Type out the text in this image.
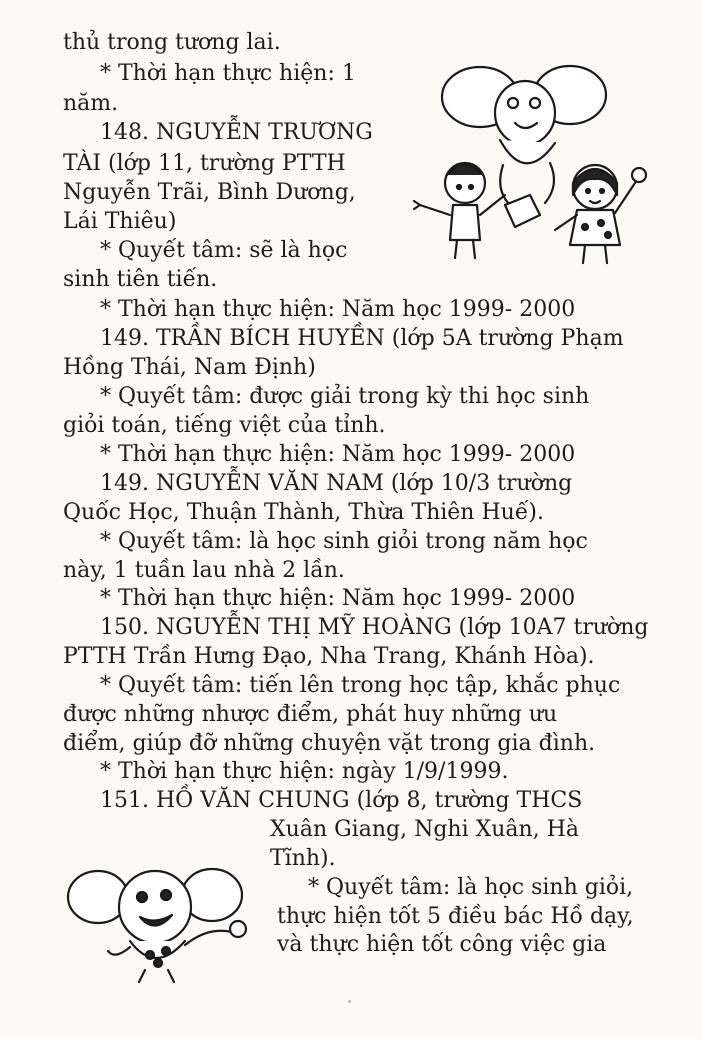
thủ trong tương lai.
* Thời hạn thực hiện: 1
năm.
148. NGUYỄN TRƯƠNG
TÀI (lớp 11, trường PTTH
Nguyễn Trãi, Bình Dương,
Lái Thiêu)
* Quyết tâm: sẽ là học
sinh tiên tiến.
* Thời hạn thực hiện: Năm học 1999- 2000
149. TRẦN BÍCH HUYỀN (lớp 5A trường Phạm
Hồng Thái, Nam Định)
* Quyết tâm: được giải trong kỳ thi học sinh
giỏi toán, tiếng việt của tỉnh.
* Thời hạn thực hiện: Năm học 1999- 2000
149. NGUYỄN VĂN NAM (lớp 10/3 trường
Quốc Học, Thuận Thành, Thừa Thiên Huế).
* Quyết tâm: là học sinh giỏi trong năm học
này, 1 tuần lau nhà 2 lần.
* Thời hạn thực hiện: Năm học 1999- 2000
150. NGUYỄN THỊ MỸ HOÀNG (lớp 10A7 trường
PTTH Trần Hưng Đạo, Nha Trang, Khánh Hòa).
* Quyết tâm: tiến lên trong học tập, khắc phục
được những nhược điểm, phát huy những ưu
điểm, giúp đỡ những chuyện vặt trong gia đình.
* Thời hạn thực hiện: ngày 1/9/1999.
151. HỒ VĂN CHUNG (lớp 8, trường THCS
Xuân Giang, Nghi Xuân, Hà
Tĩnh).
* Quyết tâm: là học sinh giỏi,
thực hiện tốt 5 điều bác Hồ dạy,
và thực hiện tốt công việc gia
